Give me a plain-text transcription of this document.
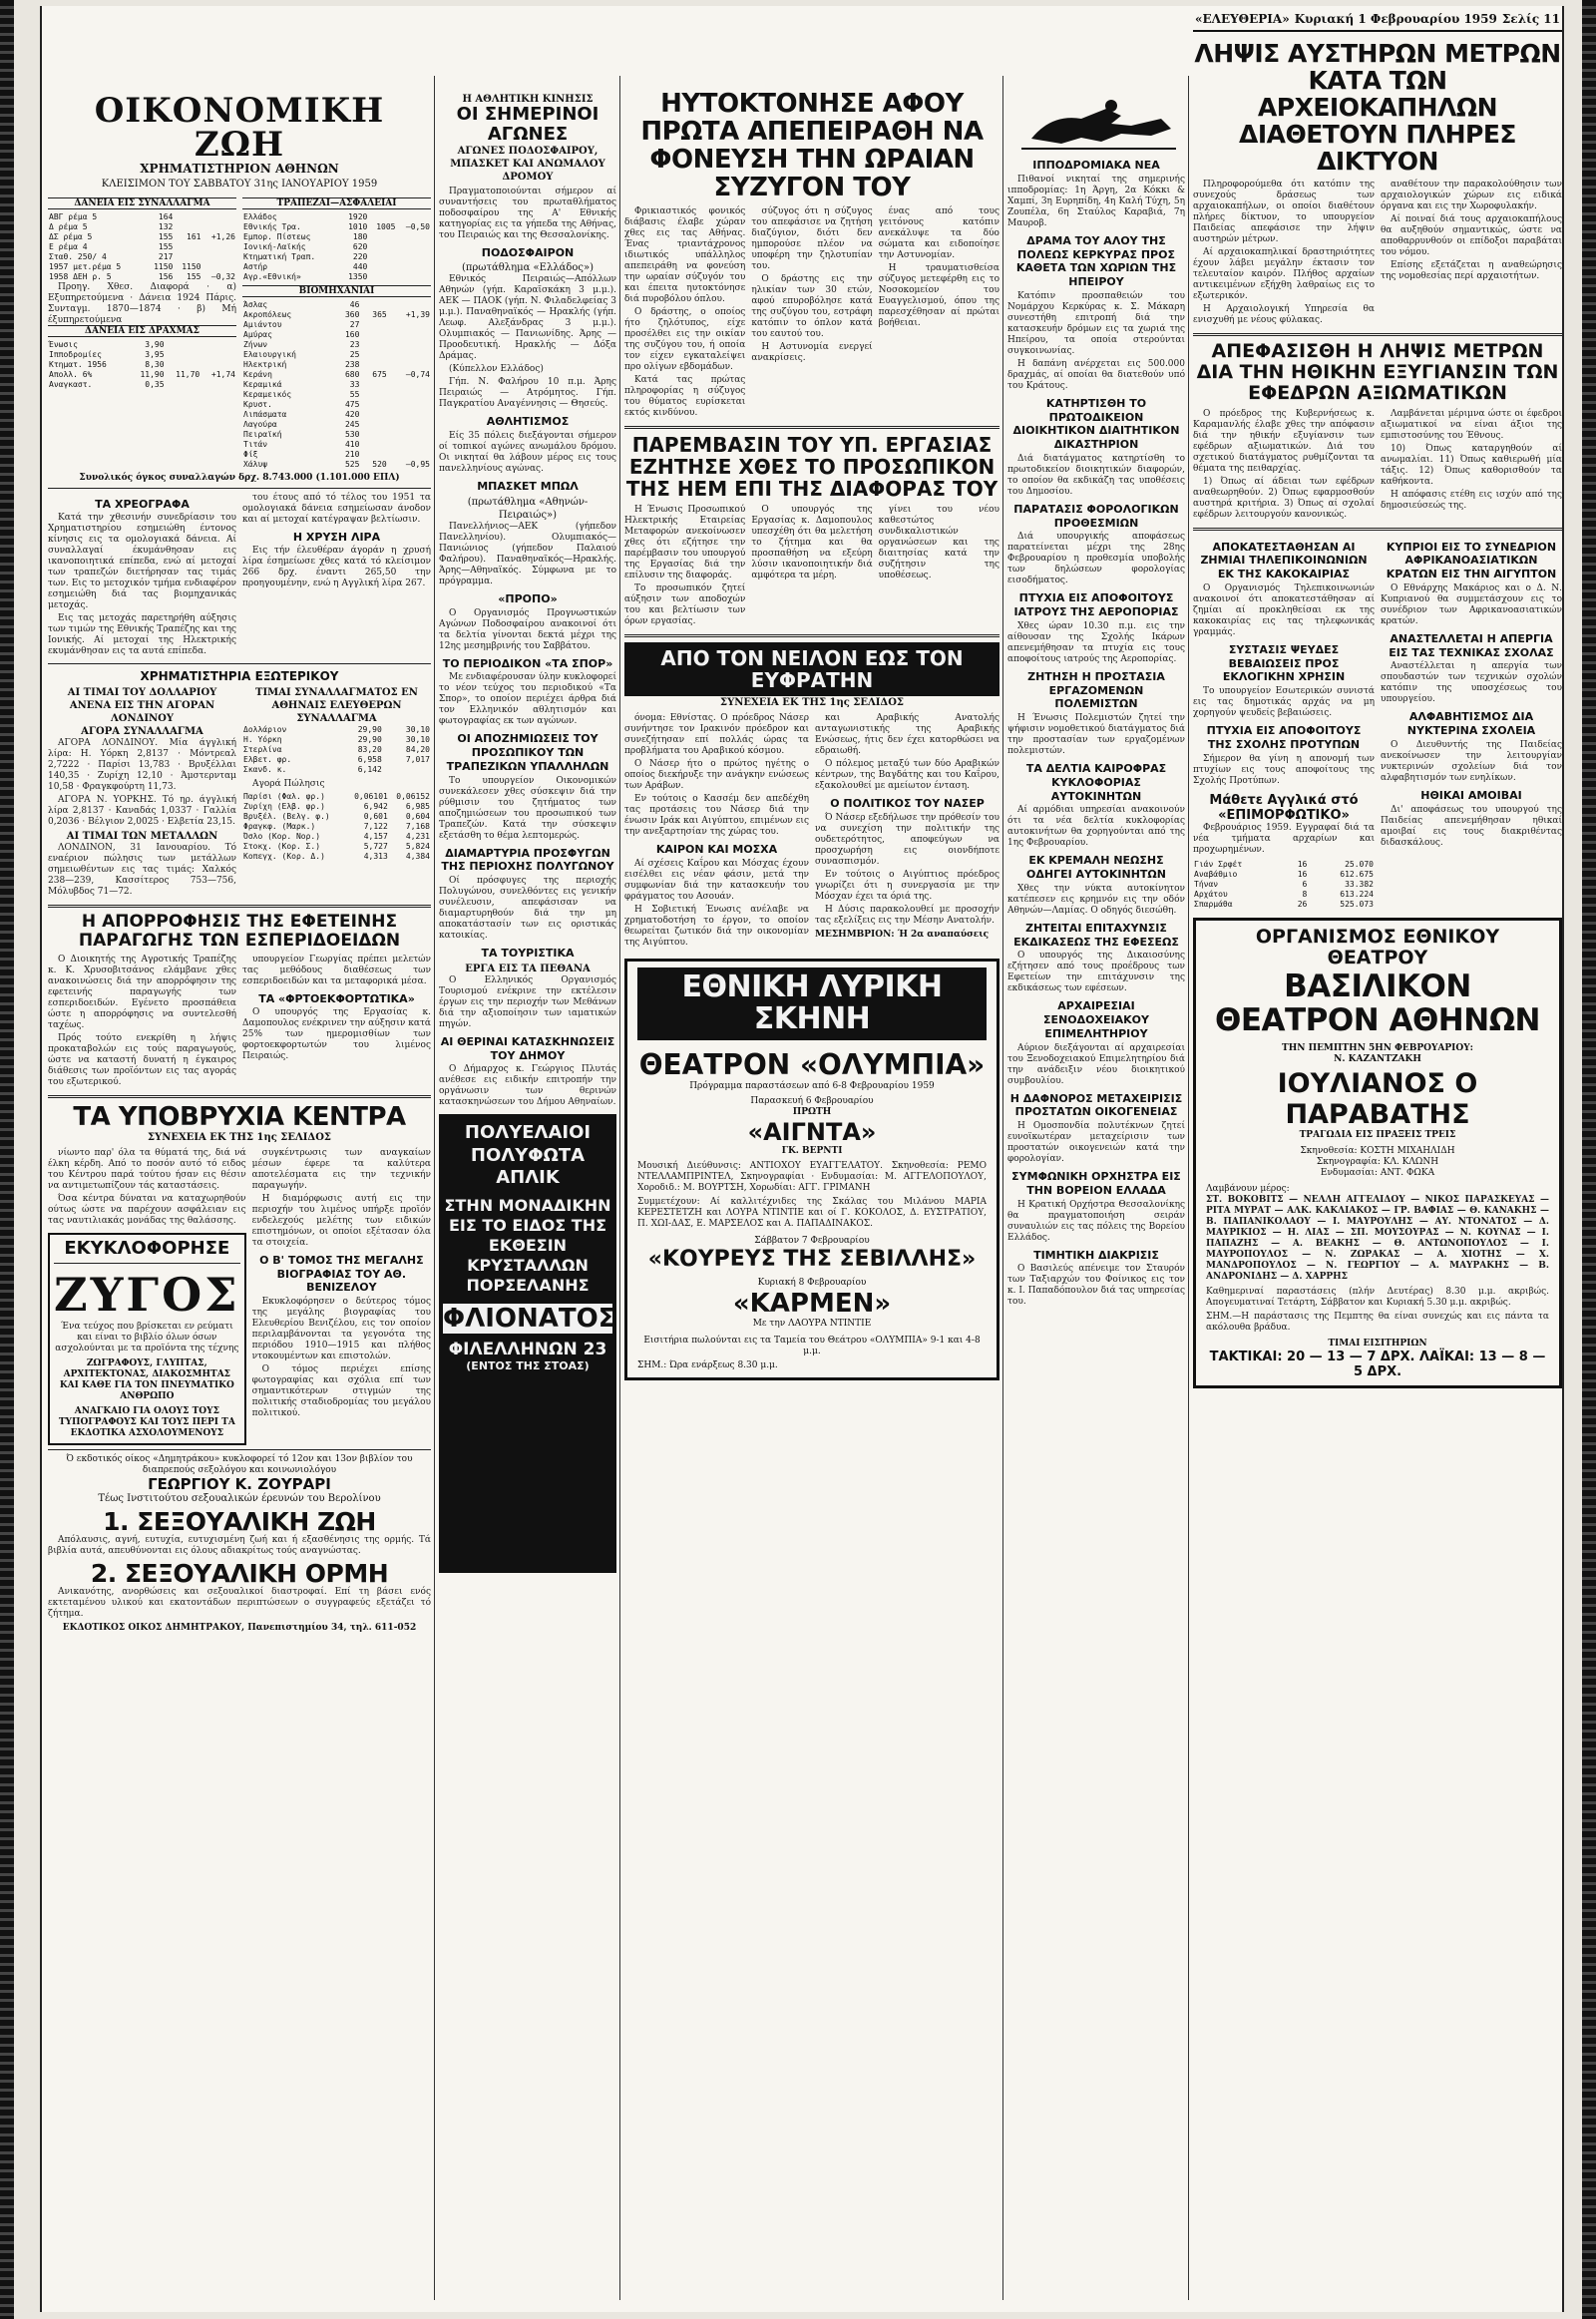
ΟΙΚΟΝΟΜΙΚΗ ΖΩΗ
ΧΡΗΜΑΤΙΣΤΗΡΙΟΝ ΑΘΗΝΩΝ
ΚΛΕΙΣΙΜΟΝ ΤΟΥ ΣΑΒΒΑΤΟΥ 31ης ΙΑΝΟΥΑΡΙΟΥ 1959
ΔΑΝΕΙΑ ΕΙΣ ΣΥΝΑΛΛΑΓΜΑ
ΑΒΓ ρέμα 5	164		
Δ ρέμα 5	132		
ΔΣ ρέμα 5	155	161	+1,26
Ε ρέμα 4	155		
Σταθ. 250/ 4	217		
1957 μετ.ρέμα 5	1150	1150	
1958 ΔΕΗ ρ. 5	156	155	—0,32

Προηγ. Χθεσ. Διαφορά · α) Εξυπηρετούμενα · Δάνεια 1924 Πάρις. Συνταγμ. 1870—1874 · β) Μή έξυπηρετούμενα

ΔΑΝΕΙΑ ΕΙΣ ΔΡΑΧΜΑΣ
Ένωσις	3,90		
Ιπποδρομίες	3,95		
Κτηματ. 1956	8,30		
Απολλ. 6%	11,90	11,70	+1,74
Αναγκαστ.	0,35		
ΤΡΑΠΕΖΑΙ—ΑΣΦΑΛΕΙΑΙ
Ελλάδος	1920		
Εθνικής Τρα.	1010	1005	—0,50
Εμπορ. Πίστεως	180		
Ιονική-Λαϊκής	620		
Κτηματική Τραπ.	220		
Αστήρ	440		
Αγρ.«Εθνική»	1350		
ΒΙΟΜΗΧΑΝΙΑΙ
Άσλας	46		
Ακροπόλεως	360	365	+1,39
Αμιάντου	27		
Αμύρας	160		
Ζήνων	23		
Ελαιουργική	25		
Ηλεκτρική	238		
Κεράνη	680	675	—0,74
Κεραμικά	33		
Κεραμεικός	55		
Κρυστ.	475		
Λιπάσματα	420		
Λαγούρα	245		
Πειραϊκή	530		
Τιτάν	410		
Φίξ	210		
Χάλυψ	525	520	—0,95
Συνολικός όγκος συναλλαγών δρχ. 8.743.000 (1.101.000 ΕΠΛ)
ΤΑ ΧΡΕΟΓΡΑΦΑ

Κατά την χθεσινήν συνεδρίασιν του Χρηματιστηρίου εσημειώθη έντονος κίνησις εις τα ομολογιακά δάνεια. Αί συναλλαγαί έκυμάνθησαν εις ικανοποιητικά επίπεδα, ενώ αί μετοχαί των τραπεζών διετήρησαν τας τιμάς των. Εις το μετοχικόν τμήμα ενδιαφέρον εσημειώθη διά τας βιομηχανικάς μετοχάς.

Εις τας μετοχάς παρετηρήθη αύξησις των τιμών της Εθνικής Τραπέζης και της Ιονικής. Αί μετοχαί της Ηλεκτρικής εκυμάνθησαν εις τα αυτά επίπεδα.

του έτους από τό τέλος του 1951 τα ομολογιακά δάνεια εσημείωσαν άνοδον και αί μετοχαί κατέγραψαν βελτίωσιν.

Η ΧΡΥΣΗ ΛΙΡΑ

Εις τήν έλευθέραν άγοράν η χρυσή λίρα έσημείωσε χθες κατά τό κλείσιμον 266 δρχ. έναντι 265,50 την προηγουμένην, ενώ η Αγγλική λίρα 267.

ΧΡΗΜΑΤΙΣΤΗΡΙΑ ΕΞΩΤΕΡΙΚΟΥ
ΑΙ ΤΙΜΑΙ ΤΟΥ ΔΟΛΛΑΡΙΟΥ ΑΝΕΝΑ ΕΙΣ ΤΗΝ ΑΓΟΡΑΝ ΛΟΝΔΙΝΟΥ
ΑΓΟΡΑ ΣΥΝΑΛΛΑΓΜΑ

ΑΓΟΡΑ ΛΟΝΔΙΝΟΥ. Μία άγγλική λίρα: Η. Υόρκη 2,8137 · Μόντρεαλ 2,7222 · Παρίσι 13,783 · Βρυξέλλαι 140,35 · Ζυρίχη 12,10 · Άμστερνταμ 10,58 · Φραγκφούρτη 11,73.

ΑΓΟΡΑ Ν. ΥΟΡΚΗΣ. Τό ηρ. άγγλική λίρα 2,8137 · Καναδάς 1,0337 · Γαλλία 0,2036 · Βέλγιον 2,0025 · Ελβετία 23,15.

ΑΙ ΤΙΜΑΙ ΤΩΝ ΜΕΤΑΛΛΩΝ

ΛΟΝΔΙΝΟΝ, 31 Ιανουαρίου. Τό εναέριον πώλησις των μετάλλων σημειωθέντων εις τας τιμάς: Χαλκός 238—239, Κασσίτερος 753—756, Μόλυβδος 71—72.

ΤΙΜΑΙ ΣΥΝΑΛΛΑΓΜΑΤΟΣ ΕΝ ΑΘΗΝΑΙΣ ΕΛΕΥΘΕΡΩΝ ΣΥΝΑΛΛΑΓΜΑ
Δολλάριον	29,90	30,10
Η. Υόρκη	29,90	30,10
Στερλίνα	83,20	84,20
Ελβετ. φρ.	6,958	7,017
Σκανδ. κ.	6,142	

Αγορά Πώλησις

Παρίσι (Φαλ. φρ.)	0,06101	0,06152
Ζυρίχη (Ελβ. φρ.)	6,942	6,985
Βρυξέλ. (Βελγ. φ.)	0,601	0,604
Φραγκφ. (Μαρκ.)	7,122	7,168
Όσλο (Κορ. Νορ.)	4,157	4,231
Στοκχ. (Κορ. Σ.)	5,727	5,824
Κοπεγχ. (Κορ. Δ.)	4,313	4,384
Η ΑΠΟΡΡΟΦΗΣΙΣ ΤΗΣ ΕΦΕΤΕΙΝΗΣ ΠΑΡΑΓΩΓΗΣ ΤΩΝ ΕΣΠΕΡΙΔΟΕΙΔΩΝ

Ο Διοικητής της Αγροτικής Τραπέζης κ. Κ. Χρυσοβιτσάνος ελάμβανε χθες ανακοινώσεις διά την απορρόφησιν της εφετεινής παραγωγής των εσπεριδοειδών. Εγένετο προσπάθεια ώστε η απορρόφησις να συντελεσθή ταχέως.

Πρός τούτο ενεκρίθη η λήψις προκαταβολών εις τούς παραγωγούς, ώστε να καταστή δυνατή η έγκαιρος διάθεσις των προϊόντων εις τας αγοράς του εξωτερικού.

υπουργείον Γεωργίας πρέπει μελετών τας μεθόδους διαθέσεως των εσπεριδοειδών και τα μεταφορικά μέσα.

ΤΑ «ΦΡΤΟΕΚΦΟΡΤΩΤΙΚΑ»

Ο υπουργός της Εργασίας κ. Δαμοπουλος ενέκρινεν την αύξησιν κατά 25% των ημερομισθίων των φορτοεκφορτωτών του λιμένος Πειραιώς.

ΤΑ ΥΠΟΒΡΥΧΙΑ ΚΕΝΤΡΑ
ΣΥΝΕΧΕΙΑ ΕΚ ΤΗΣ 1ης ΣΕΛΙΔΟΣ

νίωντο παρ' όλα τα θύματά της, διά νά έλκη κέρδη. Από το ποσόν αυτό τό ειδος του Κέντρου παρά τούτου ήσαν εις θέσιν να αντιμετωπίζουν τάς καταστάσεις.

Όσα κέντρα δύναται να καταχωρηθούν ούτως ώστε να παρέχουν ασφάλειαν εις τας ναυτιλιακάς μονάδας της θαλάσσης.

ΕΚΥΚΛΟΦΟΡΗΣΕ
ΖΥΓΟΣ
Ένα τεύχος που βρίσκεται εν ρεύματι και είναι το βιβλίο όλων όσων ασχολούνται με τα προϊόντα της τέχνης
ΖΩΓΡΑΦΟΥΣ, ΓΛΥΠΤΑΣ, ΑΡΧΙΤΕΚΤΟΝΑΣ, ΔΙΑΚΟΣΜΗΤΑΣ ΚΑΙ ΚΑΘΕ ΓΙΑ ΤΟΝ ΠΝΕΥΜΑΤΙΚΟ ΑΝΘΡΩΠΟ
ΑΝΑΓΚΑΙΟ ΓΙΑ ΟΛΟΥΣ ΤΟΥΣ ΤΥΠΟΓΡΑΦΟΥΣ ΚΑΙ ΤΟΥΣ ΠΕΡΙ ΤΑ ΕΚΔΟΤΙΚΑ ΑΣΧΟΛΟΥΜΕΝΟΥΣ

συγκέντρωσις των αναγκαίων μέσων έφερε τα καλύτερα αποτελέσματα εις την τεχνικήν παραγωγήν.

Η διαμόρφωσις αυτή εις την περιοχήν του λιμένος υπήρξε προϊόν ενδελεχούς μελέτης των ειδικών επιστημόνων, οι οποίοι εξέτασαν όλα τα στοιχεία.

Ο Β' ΤΟΜΟΣ ΤΗΣ ΜΕΓΑΛΗΣ ΒΙΟΓΡΑΦΙΑΣ ΤΟΥ ΑΘ. ΒΕΝΙΖΕΛΟΥ

Εκυκλοφόρησεν ο δεύτερος τόμος της μεγάλης βιογραφίας του Ελευθερίου Βενιζέλου, εις τον οποίον περιλαμβάνονται τα γεγονότα της περιόδου 1910—1915 και πλήθος ντοκουμέντων και επιστολών.

Ο τόμος περιέχει επίσης φωτογραφίας και σχόλια επί των σημαντικότερων στιγμών της πολιτικής σταδιοδρομίας του μεγάλου πολιτικού.

Ό εκδοτικός οίκος «Δημητράκου» κυκλοφορεί τό 12ον και 13ον βιβλίον του διαπρεπούς σεξολόγου και κοινωνιολόγου
ΓΕΩΡΓΙΟΥ Κ. ΖΟΥΡΑΡΙ
Τέως Ινστιτούτου σεξουαλικών έρευνών του Βερολίνου
1. ΣΕΞΟΥΑΛΙΚΗ ΖΩΗ

Απόλαυσις, αγνή, ευτυχία, ευτυχισμένη ζωή και ή εξασθένησις της ορμής. Τά βιβλία αυτά, απευθύνονται εις όλους αδιακρίτως τούς αναγνώστας.

2. ΣΕΞΟΥΑΛΙΚΗ ΟΡΜΗ

Ανικανότης, ανορθώσεις και σεξουαλικοί διαστροφαί. Επί τη βάσει ενός εκτεταμένου υλικού και εκατοντάδων περιπτώσεων ο συγγραφεύς εξετάζει τό ζήτημα.

ΕΚΔΟΤΙΚΟΣ ΟΙΚΟΣ ΔΗΜΗΤΡΑΚΟΥ, Πανεπιστημίου 34, τηλ. 611-052
Η ΑΘΛΗΤΙΚΗ ΚΙΝΗΣΙΣ
ΟΙ ΣΗΜΕΡΙΝΟΙ ΑΓΩΝΕΣ
ΑΓΩΝΕΣ ΠΟΔΟΣΦΑΙΡΟΥ, ΜΠΑΣΚΕΤ ΚΑΙ ΑΝΩΜΑΛΟΥ ΔΡΟΜΟΥ

Πραγματοποιούνται σήμερον αί συναντήσεις του πρωταθλήματος ποδοσφαίρου της Α' Εθνικής κατηγορίας εις τα γήπεδα της Αθήνας, του Πειραιώς και της Θεσσαλονίκης.

ΠΟΔΟΣΦΑΙΡΟΝ
(πρωτάθλημα «Ελλάδος»)

Εθνικός Πειραιώς—Απόλλων Αθηνών (γήπ. Καραϊσκάκη 3 μ.μ.). ΑΕΚ — ΠΑΟΚ (γήπ. Ν. Φιλαδελφείας 3 μ.μ.). Παναθηναϊκός — Ηρακλής (γήπ. Λεωφ. Αλεξάνδρας 3 μ.μ.). Ολυμπιακός — Πανιωνίδης. Άρης — Προοδευτική. Ηρακλής — Δόξα Δράμας.

(Κύπελλον Ελλάδος)

Γήπ. Ν. Φαλήρου 10 π.μ. Άρης Πειραιώς — Ατρόμητος. Γήπ. Παγκρατίου Αναγέννησις — Θησεύς.

ΑΘΛΗΤΙΣΜΟΣ

Είς 35 πόλεις διεξάγονται σήμερον οί τοπικοί αγώνες ανωμάλου δρόμου. Οι νικηταί θα λάβουν μέρος εις τους πανελληνίους αγώνας.

ΜΠΑΣΚΕΤ ΜΠΩΛ
(πρωτάθλημα «Αθηνών-Πειραιώς»)

Πανελλήνιος—ΑΕΚ (γήπεδον Πανελληνίου). Ολυμπιακός—Πανιώνιος (γήπεδον Παλαιού Φαλήρου). Παναθηναϊκός—Ηρακλής. Άρης—Αθηναϊκός. Σύμφωνα με το πρόγραμμα.

«ΠΡΟΠΟ»

Ο Οργανισμός Προγνωστικών Αγώνων Ποδοσφαίρου ανακοινοί ότι τα δελτία γίνονται δεκτά μέχρι της 12ης μεσημβρινής του Σαββάτου.

ΤΟ ΠΕΡΙΟΔΙΚΟΝ «ΤΑ ΣΠΟΡ»

Με ενδιαφέρουσαν ύλην κυκλοφορεί το νέον τεύχος του περιοδικού «Τα Σπορ», το οποίον περιέχει άρθρα διά τον Ελληνικόν αθλητισμόν και φωτογραφίας εκ των αγώνων.

ΟΙ ΑΠΟΖΗΜΙΩΣΕΙΣ ΤΟΥ ΠΡΟΣΩΠΙΚΟΥ ΤΩΝ ΤΡΑΠΕΖΙΚΩΝ ΥΠΑΛΛΗΛΩΝ

Το υπουργείον Οικονομικών συνεκάλεσεν χθες σύσκεψιν διά την ρύθμισιν του ζητήματος των αποζημιώσεων του προσωπικού των Τραπεζών. Κατά την σύσκεψιν εξετάσθη το θέμα λεπτομερώς.

ΔΙΑΜΑΡΤΥΡΙΑ ΠΡΟΣΦΥΓΩΝ ΤΗΣ ΠΕΡΙΟΧΗΣ ΠΟΛΥΓΩΝΟΥ

Οί πρόσφυγες της περιοχής Πολυγώνου, συνελθόντες εις γενικήν συνέλευσιν, απεφάσισαν να διαμαρτυρηθούν διά την μη αποκατάστασίν των εις οριστικάς κατοικίας.

ΤΑ ΤΟΥΡΙΣΤΙΚΑ
ΕΡΓΑ ΕΙΣ ΤΑ ΠΕΘΑΝΑ

Ο Ελληνικός Οργανισμός Τουρισμού ενέκρινε την εκτέλεσιν έργων εις την περιοχήν των Μεθάνων διά την αξιοποίησιν των ιαματικών πηγών.

ΑΙ ΘΕΡΙΝΑΙ ΚΑΤΑΣΚΗΝΩΣΕΙΣ ΤΟΥ ΔΗΜΟΥ

Ο Δήμαρχος κ. Γεώργιος Πλυτάς ανέθεσε εις ειδικήν επιτροπήν την οργάνωσιν των θερινών κατασκηνώσεων του Δήμου Αθηναίων.

ΠΟΛΥΕΛΑΙΟΙ
ΠΟΛΥΦΩΤΑ
ΑΠΛΙΚ
ΣΤΗΝ ΜΟΝΑΔΙΚΗΝ
ΕΙΣ ΤΟ ΕΙΔΟΣ ΤΗΣ
ΕΚΘΕΣΙΝ
ΚΡΥΣΤΑΛΛΩΝ
ΠΟΡΣΕΛΑΝΗΣ
ΦΛΙΟΝΑΤΟΣ
ΦΙΛΕΛΛΗΝΩΝ 23
(ΕΝΤΟΣ ΤΗΣ ΣΤΟΑΣ)
ΗΥΤΟΚΤΟΝΗΣΕ ΑΦΟΥ ΠΡΩΤΑ ΑΠΕΠΕΙΡΑΘΗ ΝΑ ΦΟΝΕΥΣΗ ΤΗΝ ΩΡΑΙΑΝ ΣΥΖΥΓΟΝ ΤΟΥ

Φρικιαστικός φονικός διάβασις έλαβε χώραν χθες εις τας Αθήνας. Ένας τριαντάχρονος ιδιωτικός υπάλληλος απεπειράθη να φονεύση την ωραίαν σύζυγόν του και έπειτα ηυτοκτόνησε διά πυροβόλου όπλου.

Ο δράστης, ο οποίος ήτο ζηλότυπος, είχε προσέλθει εις την οικίαν της συζύγου του, ή οποία τον είχεν εγκαταλείψει προ ολίγων εβδομάδων.

Κατά τας πρώτας πληροφορίας η σύζυγος του θύματος ευρίσκεται εκτός κινδύνου.

σύζυγος ότι η σύζυγος του απεφάσισε να ζητήση διαζύγιον, διότι δεν ημπορούσε πλέον να υποφέρη την ζηλοτυπίαν του.

Ο δράστης εις την ηλικίαν των 30 ετών, αφού επυροβόλησε κατά της συζύγου του, εστράφη κατόπιν το όπλον κατά του εαυτού του.

Η Αστυνομία ενεργεί ανακρίσεις.

ένας από τους γειτόνους κατόπιν ανεκάλυψε τα δύο σώματα και ειδοποίησε την Αστυνομίαν.

Η τραυματισθείσα σύζυγος μετεφέρθη εις το Νοσοκομείον του Ευαγγελισμού, όπου της παρεσχέθησαν αί πρώται βοήθειαι.

ΠΑΡΕΜΒΑΣΙΝ ΤΟΥ ΥΠ. ΕΡΓΑΣΙΑΣ ΕΖΗΤΗΣΕ ΧΘΕΣ ΤΟ ΠΡΟΣΩΠΙΚΟΝ ΤΗΣ ΗΕΜ ΕΠΙ ΤΗΣ ΔΙΑΦΟΡΑΣ ΤΟΥ

Η Ένωσις Προσωπικού Ηλεκτρικής Εταιρείας Μεταφορών ανεκοίνωσεν χθες ότι εζήτησε την παρέμβασιν του υπουργού της Εργασίας διά την επίλυσιν της διαφοράς.

Το προσωπικόν ζητεί αύξησιν των αποδοχών του και βελτίωσιν των όρων εργασίας.

Ο υπουργός της Εργασίας κ. Δαμοπουλος υπεσχέθη ότι θα μελετήση το ζήτημα και θα προσπαθήση να εξεύρη λύσιν ικανοποιητικήν διά αμφότερα τα μέρη.

γίνει του νέου καθεστώτος συνδικαλιστικών οργανώσεων και της διαιτησίας κατά την συζήτησιν της υποθέσεως.

ΑΠΟ ΤΟΝ ΝΕΙΛΟΝ ΕΩΣ ΤΟΝ ΕΥΦΡΑΤΗΝ
ΣΥΝΕΧΕΙΑ ΕΚ ΤΗΣ 1ης ΣΕΛΙΔΟΣ

όνομα: Εθνίστας. Ο πρόεδρος Νάσερ συνήντησε τον Ιρακινόν πρόεδρον και συνεζήτησαν επί πολλάς ώρας τα προβλήματα του Αραβικού κόσμου.

Ο Νάσερ ήτο ο πρώτος ηγέτης ο οποίος διεκήρυξε την ανάγκην ενώσεως των Αράβων.

Εν τούτοις ο Κασσέμ δεν απεδέχθη τας προτάσεις του Νάσερ διά την ένωσιν Ιράκ και Αιγύπτου, επιμένων εις την ανεξαρτησίαν της χώρας του.

ΚΑΙΡΟΝ ΚΑΙ ΜΟΣΧΑ

Αί σχέσεις Καΐρου και Μόσχας έχουν εισέλθει εις νέαν φάσιν, μετά την συμφωνίαν διά την κατασκευήν του φράγματος του Ασουάν.

Η Σοβιετική Ένωσις ανέλαβε να χρηματοδοτήση το έργον, το οποίον θεωρείται ζωτικόν διά την οικονομίαν της Αιγύπτου.

και Αραβικής Ανατολής ανταγωνιστικής της Αραβικής Ενώσεως, ήτις δεν έχει κατορθώσει να εδραιωθή.

Ο πόλεμος μεταξύ των δύο Αραβικών κέντρων, της Βαγδάτης και του Καΐρου, εξακολουθεί με αμείωτον ένταση.

Ο ΠΟΛΙΤΙΚΟΣ ΤΟΥ ΝΑΣΕΡ

Ό Νάσερ εξεδήλωσε την πρόθεσίν του να συνεχίση την πολιτικήν της ουδετερότητος, αποφεύγων να προσχωρήση εις οιονδήποτε συνασπισμόν.

Εν τούτοις ο Αιγύπτιος πρόεδρος γνωρίζει ότι η συνεργασία με την Μόσχαν έχει τα όριά της.

Η Δύσις παρακολουθεί με προσοχήν τας εξελίξεις εις την Μέσην Ανατολήν.

ΜΕΣΗΜΒΡΙΟΝ: Ή 2α αναπαύσεις
ΕΘΝΙΚΗ ΛΥΡΙΚΗ ΣΚΗΝΗ
ΘΕΑΤΡΟΝ «ΟΛΥΜΠΙΑ»
Πρόγραμμα παραστάσεων από 6-8 Φεβρουαρίου 1959
Παρασκευή 6 Φεβρουαρίου
ΠΡΩΤΗ
«ΑΙΓΝΤΑ»
ΓΚ. ΒΕΡΝΤΙ
Μουσική Διεύθυνσις: ΑΝΤΙΟΧΟΥ ΕΥΑΓΓΕΛΑΤΟΥ. Σκηνοθεσία: ΡΕΜΟ ΝΤΕΛΛΑΜΠΡΙΝΤΕΛ, Σκηνογραφίαι · Ενδυμασίαι: Μ. ΑΓΓΕΛΟΠΟΥΛΟΥ, Χοροδιδ.: Μ. ΒΟΥΡΤΣΗ, Χορωδίαι: ΑΓΓ. ΓΡΙΜΑΝΗ
Συμμετέχουν: Αί καλλιτέχνιδες της Σκάλας του Μιλάνου ΜΑΡΙΑ ΚΕΡΕΣΤΕΤΖΗ και ΛΟΥΡΑ ΝΤΙΝΤΙΕ και οί Γ. ΚΟΚΟΛΟΣ, Δ. ΕΥΣΤΡΑΤΙΟΥ, Π. ΧΩΙ-ΔΑΣ, Ε. ΜΑΡΣΕΛΟΣ και Α. ΠΑΠΑΔΙΝΑΚΟΣ.
Σάββατον 7 Φεβρουαρίου
«ΚΟΥΡΕΥΣ ΤΗΣ ΣΕΒΙΛΛΗΣ»
Κυριακή 8 Φεβρουαρίου
«ΚΑΡΜΕΝ»
Με την ΛΑΟΥΡΑ ΝΤΙΝΤΙΕ
Εισιτήρια πωλούνται εις τα Ταμεία του Θεάτρου «ΟΛΥΜΠΙΑ» 9-1 και 4-8 μ.μ.
ΣΗΜ.: Ώρα ενάρξεως 8.30 μ.μ.
ΙΠΠΟΔΡΟΜΙΑΚΑ ΝΕΑ

Πιθανοί νικηταί της σημερινής ιπποδρομίας: 1η Άργη, 2α Κόκκι & Χαμπί, 3η Ευρηπίδη, 4η Καλή Τύχη, 5η Ζουπέλα, 6η Σταύλος Καραβιά, 7η Μαυροβ.

ΔΡΑΜΑ ΤΟΥ ΑΛΟΥ ΤΗΣ ΠΟΛΕΩΣ ΚΕΡΚΥΡΑΣ ΠΡΟΣ ΚΑΘΕΤΑ ΤΩΝ ΧΩΡΙΩΝ ΤΗΣ ΗΠΕΙΡΟΥ

Κατόπιν προσπαθειών του Νομάρχου Κερκύρας κ. Σ. Μάκαρη συνεστήθη επιτροπή διά την κατασκευήν δρόμων εις τα χωριά της Ηπείρου, τα οποία στερούνται συγκοινωνίας.

Η δαπάνη ανέρχεται εις 500.000 δραχμάς, αί οποίαι θα διατεθούν υπό του Κράτους.

ΚΑΤΗΡΤΙΣΘΗ ΤΟ ΠΡΩΤΟΔΙΚΕΙΟΝ ΔΙΟΙΚΗΤΙΚΟΝ ΔΙΑΙΤΗΤΙΚΟΝ ΔΙΚΑΣΤΗΡΙΟΝ

Διά διατάγματος κατηρτίσθη το πρωτοδικείον διοικητικών διαφορών, το οποίον θα εκδικάζη τας υποθέσεις του Δημοσίου.

ΠΑΡΑΤΑΣΙΣ ΦΟΡΟΛΟΓΙΚΩΝ ΠΡΟΘΕΣΜΙΩΝ

Διά υπουργικής αποφάσεως παρατείνεται μέχρι της 28ης Φεβρουαρίου η προθεσμία υποβολής των δηλώσεων φορολογίας εισοδήματος.

ΠΤΥΧΙΑ ΕΙΣ ΑΠΟΦΟΙΤΟΥΣ ΙΑΤΡΟΥΣ ΤΗΣ ΑΕΡΟΠΟΡΙΑΣ

Χθες ώραν 10.30 π.μ. εις την αίθουσαν της Σχολής Ικάρων απενεμήθησαν τα πτυχία εις τους αποφοίτους ιατρούς της Αεροπορίας.

ΖΗΤΗΣΗ Η ΠΡΟΣΤΑΣΙΑ ΕΡΓΑΖΟΜΕΝΩΝ ΠΟΛΕΜΙΣΤΩΝ

Η Ένωσις Πολεμιστών ζητεί την ψήφισιν νομοθετικού διατάγματος διά την προστασίαν των εργαζομένων πολεμιστών.

ΤΑ ΔΕΛΤΙΑ ΚΑΙΡΟΦΡΑΣ ΚΥΚΛΟΦΟΡΙΑΣ ΑΥΤΟΚΙΝΗΤΩΝ

Αί αρμόδιαι υπηρεσίαι ανακοινούν ότι τα νέα δελτία κυκλοφορίας αυτοκινήτων θα χορηγούνται από της 1ης Φεβρουαρίου.

ΕΚ ΚΡΕΜΑΛΗ ΝΕΩΣΗΣ ΟΔΗΓΕΙ ΑΥΤΟΚΙΝΗΤΩΝ

Χθες την νύκτα αυτοκίνητον κατέπεσεν εις κρημνόν εις την οδόν Αθηνών—Λαμίας. Ο οδηγός διεσώθη.

ΖΗΤΕΙΤΑΙ ΕΠΙΤΑΧΥΝΣΙΣ ΕΚΔΙΚΑΣΕΩΣ ΤΗΣ ΕΦΕΣΕΩΣ

Ο υπουργός της Δικαιοσύνης εζήτησεν από τους προέδρους των Εφετείων την επιτάχυνσιν της εκδικάσεως των εφέσεων.

ΑΡΧΑΙΡΕΣΙΑΙ ΣΕΝΟΔΟΧΕΙΑΚΟΥ ΕΠΙΜΕΛΗΤΗΡΙΟΥ

Αύριον διεξάγονται αί αρχαιρεσίαι του Ξενοδοχειακού Επιμελητηρίου διά την ανάδειξιν νέου διοικητικού συμβουλίου.

Η ΔΑΦΝΟΡΟΣ ΜΕΤΑΧΕΙΡΙΣΙΣ ΠΡΟΣΤΑΤΩΝ ΟΙΚΟΓΕΝΕΙΑΣ

Η Ομοσπονδία πολυτέκνων ζητεί ευνοϊκωτέραν μεταχείρισιν των προστατών οικογενειών κατά την φορολογίαν.

ΣΥΜΦΩΝΙΚΗ ΟΡΧΗΣΤΡΑ ΕΙΣ ΤΗΝ ΒΟΡΕΙΟΝ ΕΛΛΑΔΑ

Η Κρατική Ορχήστρα Θεσσαλονίκης θα πραγματοποιήση σειράν συναυλιών εις τας πόλεις της Βορείου Ελλάδος.

ΤΙΜΗΤΙΚΗ ΔΙΑΚΡΙΣΙΣ

Ο Βασιλεύς απένειμε τον Σταυρόν των Ταξιαρχών του Φοίνικος εις τον κ. Ι. Παπαδόπουλον διά τας υπηρεσίας του.

«ΕΛΕΥΘΕΡΙΑ» Κυριακή 1 Φεβρουαρίου 1959 Σελίς 11
ΛΗΨΙΣ ΑΥΣΤΗΡΩΝ ΜΕΤΡΩΝ ΚΑΤΑ ΤΩΝ ΑΡΧΕΙΟΚΑΠΗΛΩΝ
ΔΙΑΘΕΤΟΥΝ ΠΛΗΡΕΣ ΔΙΚΤΥΟΝ

Πληροφορούμεθα ότι κατόπιν της συνεχούς δράσεως των αρχαιοκαπήλων, οι οποίοι διαθέτουν πλήρες δίκτυον, το υπουργείον Παιδείας απεφάσισε την λήψιν αυστηρών μέτρων.

Αί αρχαιοκαπηλικαί δραστηριότητες έχουν λάβει μεγάλην έκτασιν τον τελευταίον καιρόν. Πλήθος αρχαίων αντικειμένων εξήχθη λαθραίως εις το εξωτερικόν.

Η Αρχαιολογική Υπηρεσία θα ενισχυθή με νέους φύλακας.

αναθέτουν την παρακολούθησιν των αρχαιολογικών χώρων εις ειδικά όργανα και εις την Χωροφυλακήν.

Αί ποιναί διά τους αρχαιοκαπήλους θα αυξηθούν σημαντικώς, ώστε να αποθαρρυνθούν οι επίδοξοι παραβάται του νόμου.

Επίσης εξετάζεται η αναθεώρησις της νομοθεσίας περί αρχαιοτήτων.

ΑΠΕΦΑΣΙΣΘΗ Η ΛΗΨΙΣ ΜΕΤΡΩΝ ΔΙΑ ΤΗΝ ΗΘΙΚΗΝ ΕΞΥΓΙΑΝΣΙΝ ΤΩΝ ΕΦΕΔΡΩΝ ΑΞΙΩΜΑΤΙΚΩΝ

Ο πρόεδρος της Κυβερνήσεως κ. Καραμανλής έλαβε χθες την απόφασιν διά την ηθικήν εξυγίανσιν των εφέδρων αξιωματικών. Διά του σχετικού διατάγματος ρυθμίζονται τα θέματα της πειθαρχίας.

1) Όπως αί άδειαι των εφέδρων αναθεωρηθούν. 2) Όπως εφαρμοσθούν αυστηρά κριτήρια. 3) Όπως αί σχολαί εφέδρων λειτουργούν κανονικώς.

Λαμβάνεται μέριμνα ώστε οι έφεδροι αξιωματικοί να είναι άξιοι της εμπιστοσύνης του Έθνους.

10) Όπως καταργηθούν αί ανωμαλίαι. 11) Όπως καθιερωθή μία τάξις. 12) Όπως καθορισθούν τα καθήκοντα.

Η απόφασις ετέθη εις ισχύν από της δημοσιεύσεώς της.

ΑΠΟΚΑΤΕΣΤΑΘΗΣΑΝ ΑΙ ΖΗΜΙΑΙ ΤΗΛΕΠΙΚΟΙΝΩΝΙΩΝ ΕΚ ΤΗΣ ΚΑΚΟΚΑΙΡΙΑΣ

Ο Οργανισμός Τηλεπικοινωνιών ανακοινοί ότι αποκατεστάθησαν αί ζημίαι αί προκληθείσαι εκ της κακοκαιρίας εις τας τηλεφωνικάς γραμμάς.

ΣΥΣΤΑΣΙΣ ΨΕΥΔΕΣ ΒΕΒΑΙΩΣΕΙΣ ΠΡΟΣ ΕΚΛΟΓΙΚΗΝ ΧΡΗΣΙΝ

Το υπουργείον Εσωτερικών συνιστά εις τας δημοτικάς αρχάς να μη χορηγούν ψευδείς βεβαιώσεις.

ΠΤΥΧΙΑ ΕΙΣ ΑΠΟΦΟΙΤΟΥΣ ΤΗΣ ΣΧΟΛΗΣ ΠΡΟΤΥΠΩΝ

Σήμερον θα γίνη η απονομή των πτυχίων εις τους αποφοίτους της Σχολής Προτύπων.

Μάθετε Αγγλικά στό «ΕΠΙΜΟΡΦΩΤΙΚΟ»

Φεβρουάριος 1959. Εγγραφαί διά τα νέα τμήματα αρχαρίων και προχωρημένων.

Γιάν Σρφέτ	16	25.070
Αναβάθμιο	16	612.675
Τήναν	6	33.382
Αρχάτου	8	613.224
Σπαρμάθα	26	525.073
ΚΥΠΡΙΟΙ ΕΙΣ ΤΟ ΣΥΝΕΔΡΙΟΝ ΑΦΡΙΚΑΝΟΑΣΙΑΤΙΚΩΝ ΚΡΑΤΩΝ ΕΙΣ ΤΗΝ ΑΙΓΥΠΤΟΝ

Ο Εθνάρχης Μακάριος και ο Δ. Ν. Κυπριανού θα συμμετάσχουν εις το συνέδριον των Αφρικανοασιατικών κρατών.

ΑΝΑΣΤΕΛΛΕΤΑΙ Η ΑΠΕΡΓΙΑ ΕΙΣ ΤΑΣ ΤΕΧΝΙΚΑΣ ΣΧΟΛΑΣ

Αναστέλλεται η απεργία των σπουδαστών των τεχνικών σχολών κατόπιν της υποσχέσεως του υπουργείου.

ΑΛΦΑΒΗΤΙΣΜΟΣ ΔΙΑ ΝΥΚΤΕΡΙΝΑ ΣΧΟΛΕΙΑ

Ο Διευθυντής της Παιδείας ανεκοίνωσεν την λειτουργίαν νυκτερινών σχολείων διά τον αλφαβητισμόν των ενηλίκων.

ΗΘΙΚΑΙ ΑΜΟΙΒΑΙ

Δι' αποφάσεως του υπουργού της Παιδείας απενεμήθησαν ηθικαί αμοιβαί εις τους διακριθέντας διδασκάλους.

ΟΡΓΑΝΙΣΜΟΣ ΕΘΝΙΚΟΥ ΘΕΑΤΡΟΥ
ΒΑΣΙΛΙΚΟΝ ΘΕΑΤΡΟΝ ΑΘΗΝΩΝ
ΤΗΝ ΠΕΜΠΤΗΝ 5ΗΝ ΦΕΒΡΟΥΑΡΙΟΥ:
Ν. ΚΑΖΑΝΤΖΑΚΗ
ΙΟΥΛΙΑΝΟΣ Ο ΠΑΡΑΒΑΤΗΣ
ΤΡΑΓΩΔΙΑ ΕΙΣ ΠΡΑΞΕΙΣ ΤΡΕΙΣ
Σκηνοθεσία: ΚΟΣΤΗ ΜΙΧΑΗΛΙΔΗ
Σκηνογραφία: ΚΛ. ΚΛΩΝΗ
Ενδυμασίαι: ΑΝΤ. ΦΩΚΑ
Λαμβάνουν μέρος:
ΣΤ. ΒΟΚΟΒΙΤΣ — ΝΕΛΛΗ ΑΓΓΕΛΙΔΟΥ — ΝΙΚΟΣ ΠΑΡΑΣΚΕΥΑΣ — ΡΙΤΑ ΜΥΡΑΤ — ΑΛΚ. ΚΑΚΛΙΑΚΟΣ — ΓΡ. ΒΑΦΙΑΣ — Θ. ΚΑΝΑΚΗΣ — Β. ΠΑΠΑΝΙΚΟΛΑΟΥ — Ι. ΜΑΥΡΟΥΛΗΣ — ΑΥ. ΝΤΟΝΑΤΟΣ — Δ. ΜΑΥΡΙΚΙΟΣ — Η. ΛΙΑΣ — ΣΠ. ΜΟΥΣΟΥΡΑΣ — Ν. ΚΟΥΝΑΣ — Ι. ΠΑΠΑΖΗΣ — Α. ΒΕΑΚΗΣ — Θ. ΑΝΤΩΝΟΠΟΥΛΟΣ — Ι. ΜΑΥΡΟΠΟΥΛΟΣ — Ν. ΖΩΡΑΚΑΣ — Α. ΧΙΟΤΗΣ — Χ. ΜΑΝΔΡΟΠΟΥΛΟΣ — Ν. ΓΕΩΡΓΙΟΥ — Α. ΜΑΥΡΑΚΗΣ — Β. ΑΝΔΡΟΝΙΔΗΣ — Δ. ΧΑΡΡΗΣ
Καθημεριναί παραστάσεις (πλήν Δευτέρας) 8.30 μ.μ. ακριβώς. Απογευματιναί Τετάρτη, Σάββατον και Κυριακή 5.30 μ.μ. ακριβώς.
ΣΗΜ.—Η παράστασις της Πεμπτης θα είναι συνεχώς και εις πάντα τα ακόλουθα βράδυα.
ΤΙΜΑΙ ΕΙΣΙΤΗΡΙΩΝ
ΤΑΚΤΙΚΑΙ: 20 — 13 — 7 ΔΡΧ. ΛΑΪΚΑΙ: 13 — 8 — 5 ΔΡΧ.
